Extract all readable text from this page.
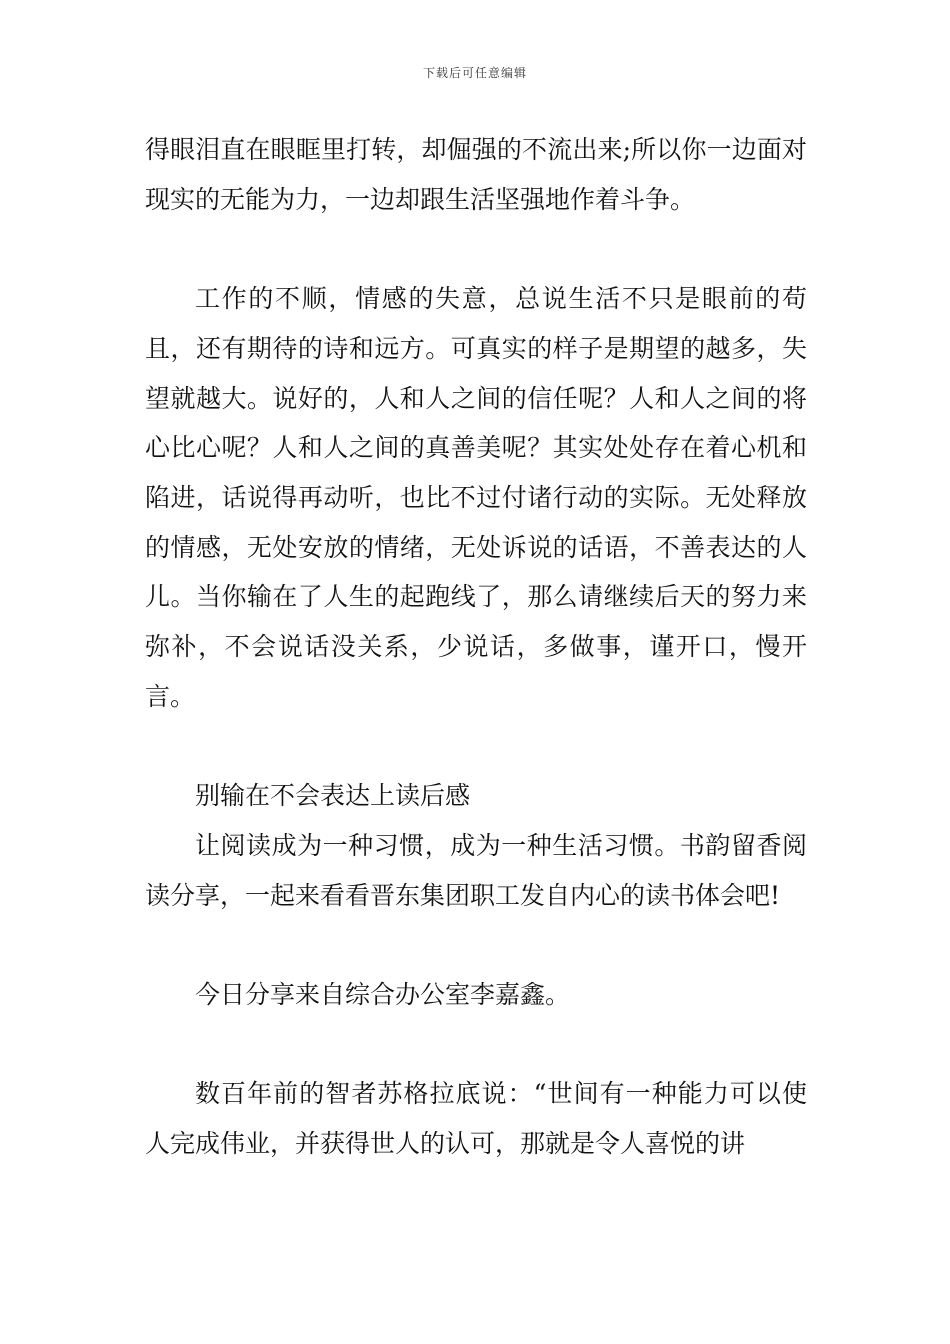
下载后可任意编辑

得眼泪直在眼眶里打转，却倔强的不流出来;所以你一边面对现实的无能为力，一边却跟生活坚强地作着斗争。

工作的不顺，情感的失意，总说生活不只是眼前的苟且，还有期待的诗和远方。可真实的样子是期望的越多，失望就越大。说好的，人和人之间的信任呢？人和人之间的将心比心呢？人和人之间的真善美呢？其实处处存在着心机和陷进，话说得再动听，也比不过付诸行动的实际。无处释放的情感，无处安放的情绪，无处诉说的话语，不善表达的人儿。当你输在了人生的起跑线了，那么请继续后天的努力来弥补，不会说话没关系，少说话，多做事，谨开口，慢开言。

别输在不会表达上读后感

让阅读成为一种习惯，成为一种生活习惯。书韵留香阅读分享，一起来看看晋东集团职工发自内心的读书体会吧!

今日分享来自综合办公室李嘉鑫。

数百年前的智者苏格拉底说：“世间有一种能力可以使人完成伟业，并获得世人的认可，那就是令人喜悦的讲
